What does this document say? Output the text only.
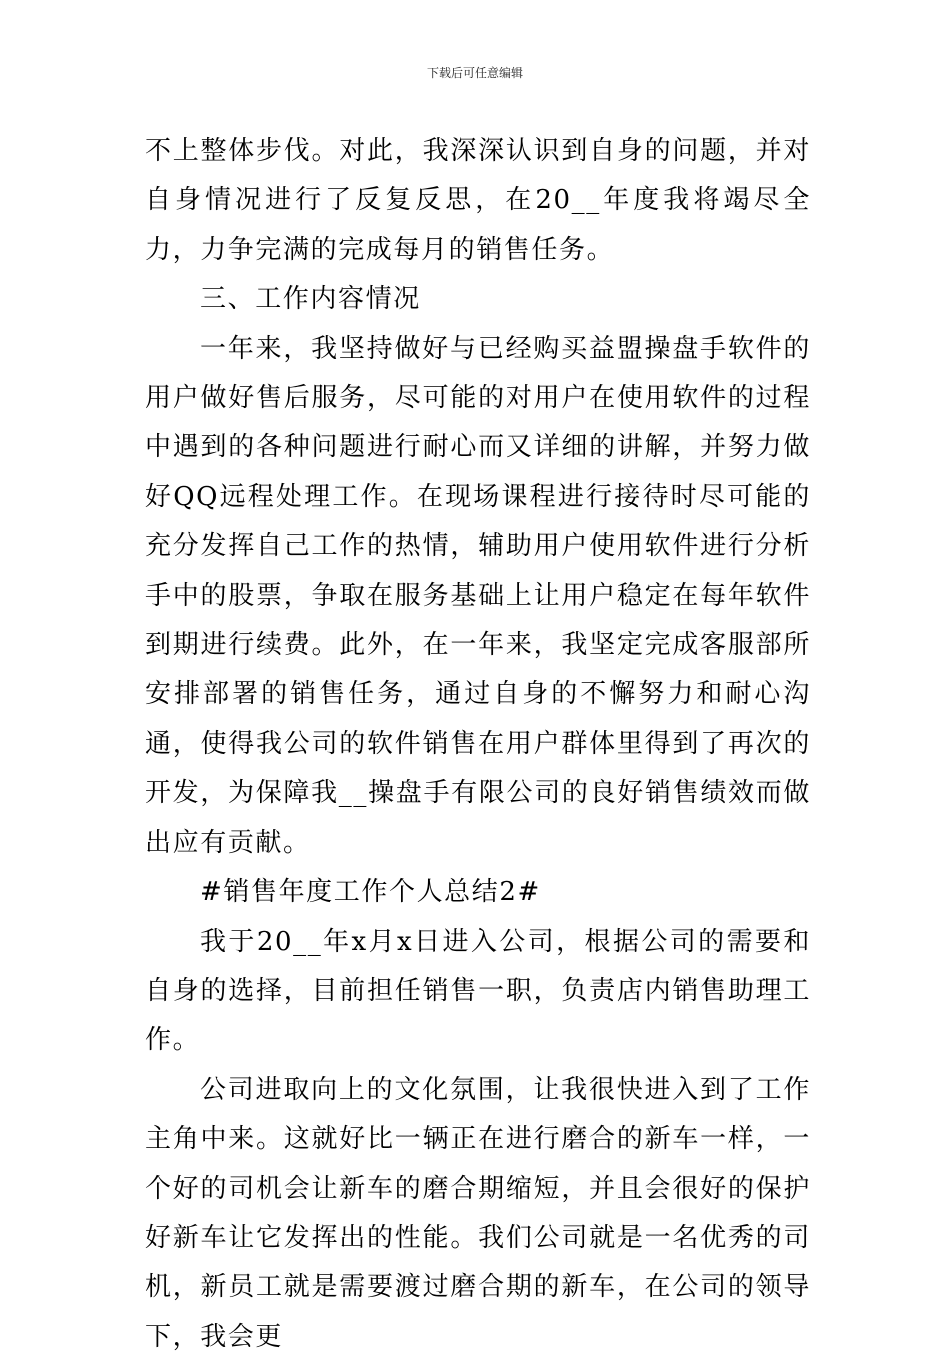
下载后可任意编辑

不上整体步伐。对此，我深深认识到自身的问题，并对自身情况进行了反复反思，在20__年度我将竭尽全力，力争完满的完成每月的销售任务。

三、工作内容情况

一年来，我坚持做好与已经购买益盟操盘手软件的用户做好售后服务，尽可能的对用户在使用软件的过程中遇到的各种问题进行耐心而又详细的讲解，并努力做好QQ远程处理工作。在现场课程进行接待时尽可能的充分发挥自己工作的热情，辅助用户使用软件进行分析手中的股票，争取在服务基础上让用户稳定在每年软件到期进行续费。此外，在一年来，我坚定完成客服部所安排部署的销售任务，通过自身的不懈努力和耐心沟通，使得我公司的软件销售在用户群体里得到了再次的开发，为保障我__操盘手有限公司的良好销售绩效而做出应有贡献。

#销售年度工作个人总结2#

我于20__年x月x日进入公司，根据公司的需要和自身的选择，目前担任销售一职，负责店内销售助理工作。

公司进取向上的文化氛围，让我很快进入到了工作主角中来。这就好比一辆正在进行磨合的新车一样，一个好的司机会让新车的磨合期缩短，并且会很好的保护好新车让它发挥出的性能。我们公司就是一名优秀的司机，新员工就是需要渡过磨合期的新车，在公司的领导下，我会更
